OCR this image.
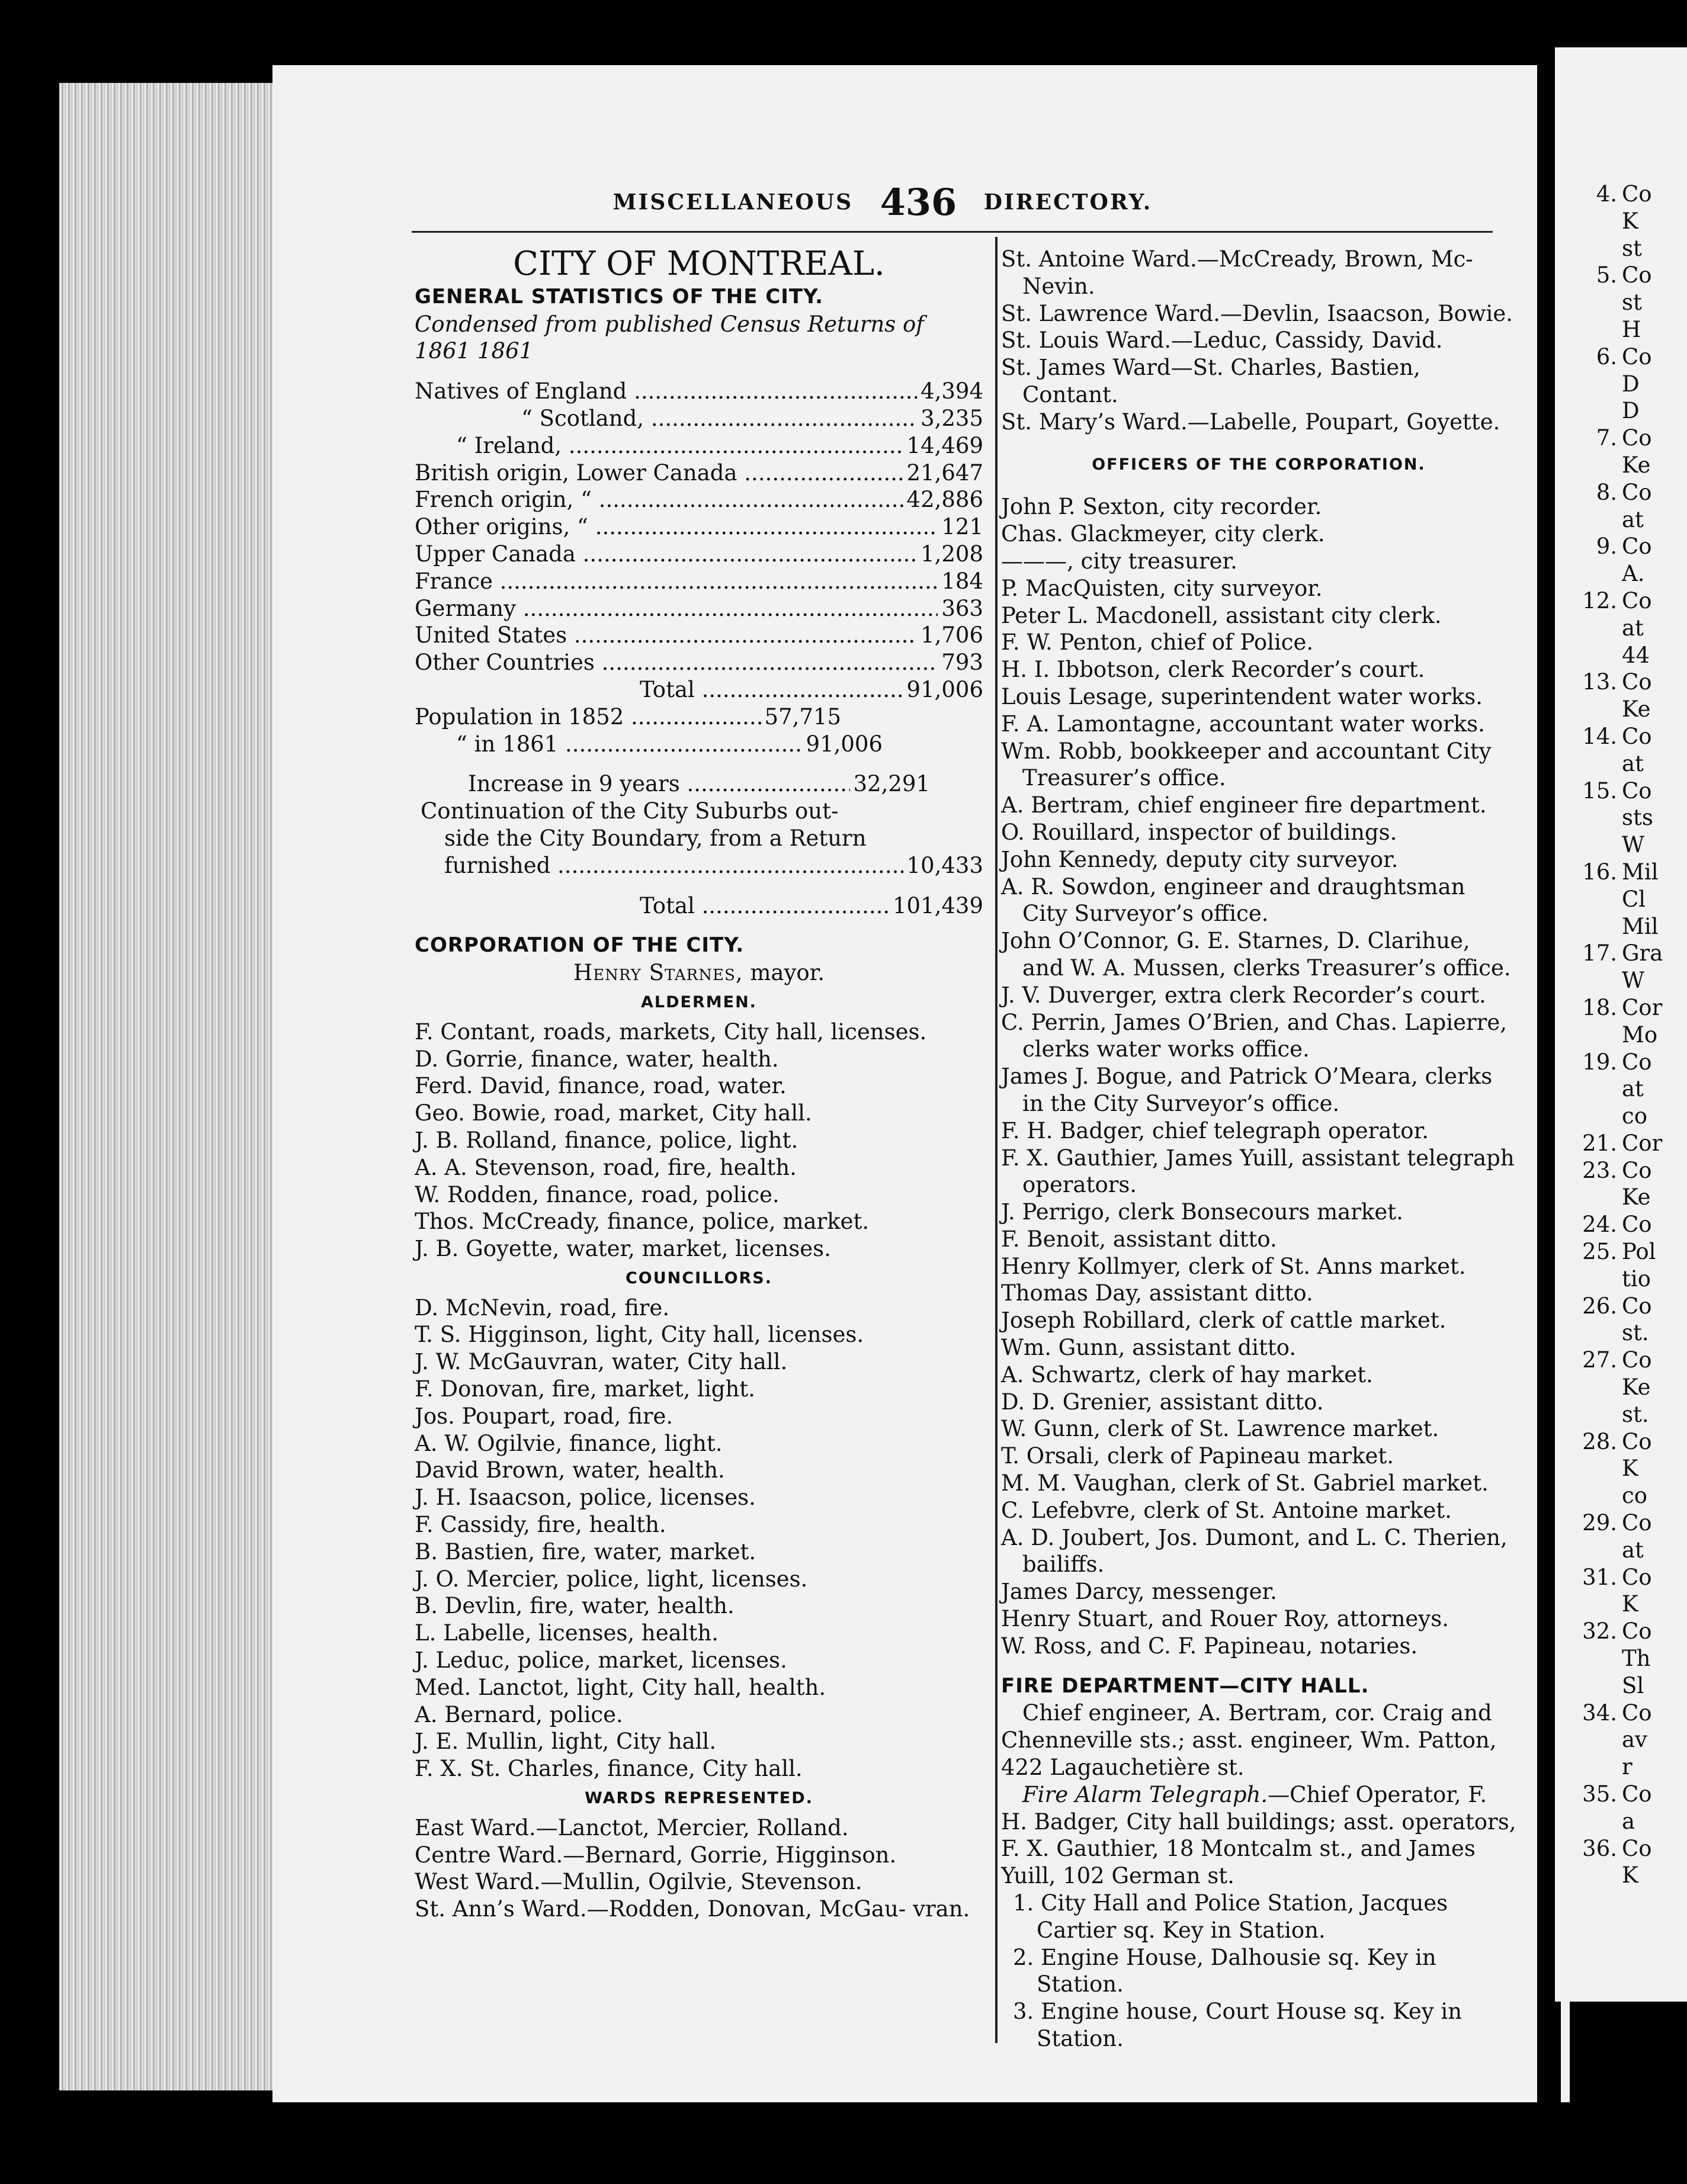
MISCELLANEOUS 436 DIRECTORY.
CITY OF MONTREAL.
GENERAL STATISTICS OF THE CITY.
Condensed from published Census Returns of 1861 1861
Natives of England .....	4,394
“ Scotland, .....	3,235
“ Ireland, .....	14,469
British origin, Lower Canada .....	21,647
French origin, “ .....	42,886
Other origins, “ .....	121
Upper Canada .....	1,208
France .....	184
Germany .....	363
United States .....	1,706
Other Countries .....	793
Total .....	91,006
Population in 1852 .....	57,715
“ in 1861 .....	91,006
Increase in 9 years .....	32,291
Continuation of the City Suburbs out-
side the City Boundary, from a Return
furnished .....	10,433
Total .....	101,439
CORPORATION OF THE CITY.
Henry Starnes, mayor.
ALDERMEN.
F. Contant, roads, markets, City hall, licenses.
D. Gorrie, finance, water, health.
Ferd. David, finance, road, water.
Geo. Bowie, road, market, City hall.
J. B. Rolland, finance, police, light.
A. A. Stevenson, road, fire, health.
W. Rodden, finance, road, police.
Thos. McCready, finance, police, market.
J. B. Goyette, water, market, licenses.
COUNCILLORS.
D. McNevin, road, fire.
T. S. Higginson, light, City hall, licenses.
J. W. McGauvran, water, City hall.
F. Donovan, fire, market, light.
Jos. Poupart, road, fire.
A. W. Ogilvie, finance, light.
David Brown, water, health.
J. H. Isaacson, police, licenses.
F. Cassidy, fire, health.
B. Bastien, fire, water, market.
J. O. Mercier, police, light, licenses.
B. Devlin, fire, water, health.
L. Labelle, licenses, health.
J. Leduc, police, market, licenses.
Med. Lanctot, light, City hall, health.
A. Bernard, police.
J. E. Mullin, light, City hall.
F. X. St. Charles, finance, City hall.
WARDS REPRESENTED.
East Ward.—Lanctot, Mercier, Rolland.
Centre Ward.—Bernard, Gorrie, Higginson.
West Ward.—Mullin, Ogilvie, Stevenson.
St. Ann’s Ward.—Rodden, Donovan, McGau- vran.
St. Antoine Ward.—McCready, Brown, Mc- Nevin.
St. Lawrence Ward.—Devlin, Isaacson, Bowie.
St. Louis Ward.—Leduc, Cassidy, David.
St. James Ward—St. Charles, Bastien, Contant.
St. Mary’s Ward.—Labelle, Poupart, Goyette.
OFFICERS OF THE CORPORATION.
John P. Sexton, city recorder.
Chas. Glackmeyer, city clerk.
———, city treasurer.
P. MacQuisten, city surveyor.
Peter L. Macdonell, assistant city clerk.
F. W. Penton, chief of Police.
H. I. Ibbotson, clerk Recorder’s court.
Louis Lesage, superintendent water works.
F. A. Lamontagne, accountant water works.
Wm. Robb, bookkeeper and accountant City Treasurer’s office.
A. Bertram, chief engineer fire department.
O. Rouillard, inspector of buildings.
John Kennedy, deputy city surveyor.
A. R. Sowdon, engineer and draughtsman City Surveyor’s office.
John O’Connor, G. E. Starnes, D. Clarihue, and W. A. Mussen, clerks Treasurer’s office.
J. V. Duverger, extra clerk Recorder’s court.
C. Perrin, James O’Brien, and Chas. Lapierre, clerks water works office.
James J. Bogue, and Patrick O’Meara, clerks in the City Surveyor’s office.
F. H. Badger, chief telegraph operator.
F. X. Gauthier, James Yuill, assistant telegraph operators.
J. Perrigo, clerk Bonsecours market.
F. Benoit, assistant ditto.
Henry Kollmyer, clerk of St. Anns market.
Thomas Day, assistant ditto.
Joseph Robillard, clerk of cattle market.
Wm. Gunn, assistant ditto.
A. Schwartz, clerk of hay market.
D. D. Grenier, assistant ditto.
W. Gunn, clerk of St. Lawrence market.
T. Orsali, clerk of Papineau market.
M. M. Vaughan, clerk of St. Gabriel market.
C. Lefebvre, clerk of St. Antoine market.
A. D. Joubert, Jos. Dumont, and L. C. Therien, bailiffs.
James Darcy, messenger.
Henry Stuart, and Rouer Roy, attorneys.
W. Ross, and C. F. Papineau, notaries.
FIRE DEPARTMENT—CITY HALL.
Chief engineer, A. Bertram, cor. Craig and Chenneville sts.; asst. engineer, Wm. Patton, 422 Lagauchetière st.
Fire Alarm Telegraph.—Chief Operator, F. H. Badger, City hall buildings; asst. operators, F. X. Gauthier, 18 Montcalm st., and James Yuill, 102 German st.
1. City Hall and Police Station, Jacques Cartier sq. Key in Station.
2. Engine House, Dalhousie sq. Key in Station.
3. Engine house, Court House sq. Key in Station.
4. Co
K
st
5. Co
st
H
6. Co
D
D
7. Co
Ke
8. Co
at
9. Co
A.
12. Co
at
44
13. Co
Ke
14. Co
at
15. Co
sts
W
16. Mil
Cl
Mil
17. Gra
W
18. Cor
Mo
19. Co
at
co
21. Cor
23. Co
Ke
24. Co
25. Pol
tio
26. Co
st.
27. Co
Ke
st.
28. Co
K
co
29. Co
at
31. Co
K
32. Co
Th
Sl
34. Co
av
r
35. Co
a
36. Co
K
